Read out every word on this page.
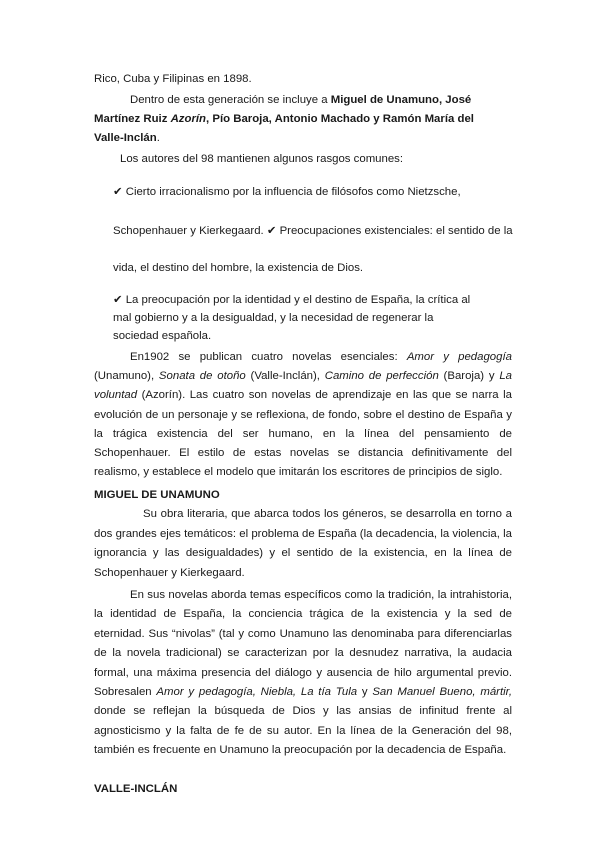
Rico, Cuba y Filipinas en 1898.
Dentro de esta generación se incluye a Miguel de Unamuno, José
Martínez Ruiz Azorín, Pío Baroja, Antonio Machado y Ramón María del
Valle-Inclán.
Los autores del 98 mantienen algunos rasgos comunes:
✔ Cierto irracionalismo por la influencia de filósofos como Nietzsche,
Schopenhauer y Kierkegaard. ✔ Preocupaciones existenciales: el sentido de la
vida, el destino del hombre, la existencia de Dios.
✔ La preocupación por la identidad y el destino de España, la crítica al
mal gobierno y a la desigualdad, y la necesidad de regenerar la
sociedad española.
En1902 se publican cuatro novelas esenciales: Amor y pedagogía (Unamuno), Sonata de otoño (Valle-Inclán), Camino de perfección (Baroja) y La voluntad (Azorín). Las cuatro son novelas de aprendizaje en las que se narra la evolución de un personaje y se reflexiona, de fondo, sobre el destino de España y la trágica existencia del ser humano, en la línea del pensamiento de Schopenhauer. El estilo de estas novelas se distancia definitivamente del realismo, y establece el modelo que imitarán los escritores de principios de siglo.
MIGUEL DE UNAMUNO
Su obra literaria, que abarca todos los géneros, se desarrolla en torno a dos grandes ejes temáticos: el problema de España (la decadencia, la violencia, la ignorancia y las desigualdades) y el sentido de la existencia, en la línea de Schopenhauer y Kierkegaard.
En sus novelas aborda temas específicos como la tradición, la intrahistoria, la identidad de España, la conciencia trágica de la existencia y la sed de eternidad. Sus “nivolas” (tal y como Unamuno las denominaba para diferenciarlas de la novela tradicional) se caracterizan por la desnudez narrativa, la audacia formal, una máxima presencia del diálogo y ausencia de hilo argumental previo. Sobresalen Amor y pedagogía, Niebla, La tía Tula y San Manuel Bueno, mártir, donde se reflejan la búsqueda de Dios y las ansias de infinitud frente al agnosticismo y la falta de fe de su autor. En la línea de la Generación del 98, también es frecuente en Unamuno la preocupación por la decadencia de España.
VALLE-INCLÁN
